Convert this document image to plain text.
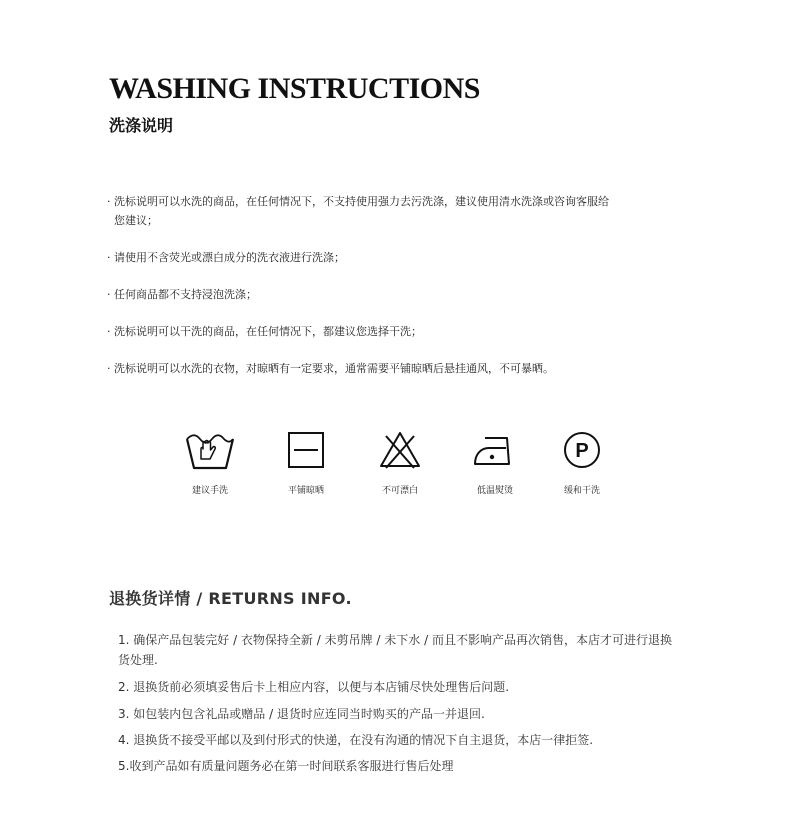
WASHING INSTRUCTIONS
洗涤说明
· 洗标说明可以水洗的商品，在任何情况下，不支持使用强力去污洗涤，建议使用清水洗涤或咨询客服给您建议；
· 请使用不含荧光或漂白成分的洗衣液进行洗涤；
· 任何商品都不支持浸泡洗涤；
· 洗标说明可以干洗的商品，在任何情况下，都建议您选择干洗；
· 洗标说明可以水洗的衣物，对晾晒有一定要求，通常需要平铺晾晒后悬挂通风，不可暴晒。
建议手洗	平铺晾晒	不可漂白	低温熨烫
P
缓和干洗
退换货详情 / RETURNS INFO.
1. 确保产品包装完好 / 衣物保持全新 / 未剪吊牌 / 未下水 / 而且不影响产品再次销售，本店才可进行退换货处理.
2. 退换货前必须填妥售后卡上相应内容，以便与本店铺尽快处理售后问题.
3. 如包装内包含礼品或赠品 / 退货时应连同当时购买的产品一并退回.
4. 退换货不接受平邮以及到付形式的快递，在没有沟通的情况下自主退货，本店一律拒签.
5.收到产品如有质量问题务必在第一时间联系客服进行售后处理
